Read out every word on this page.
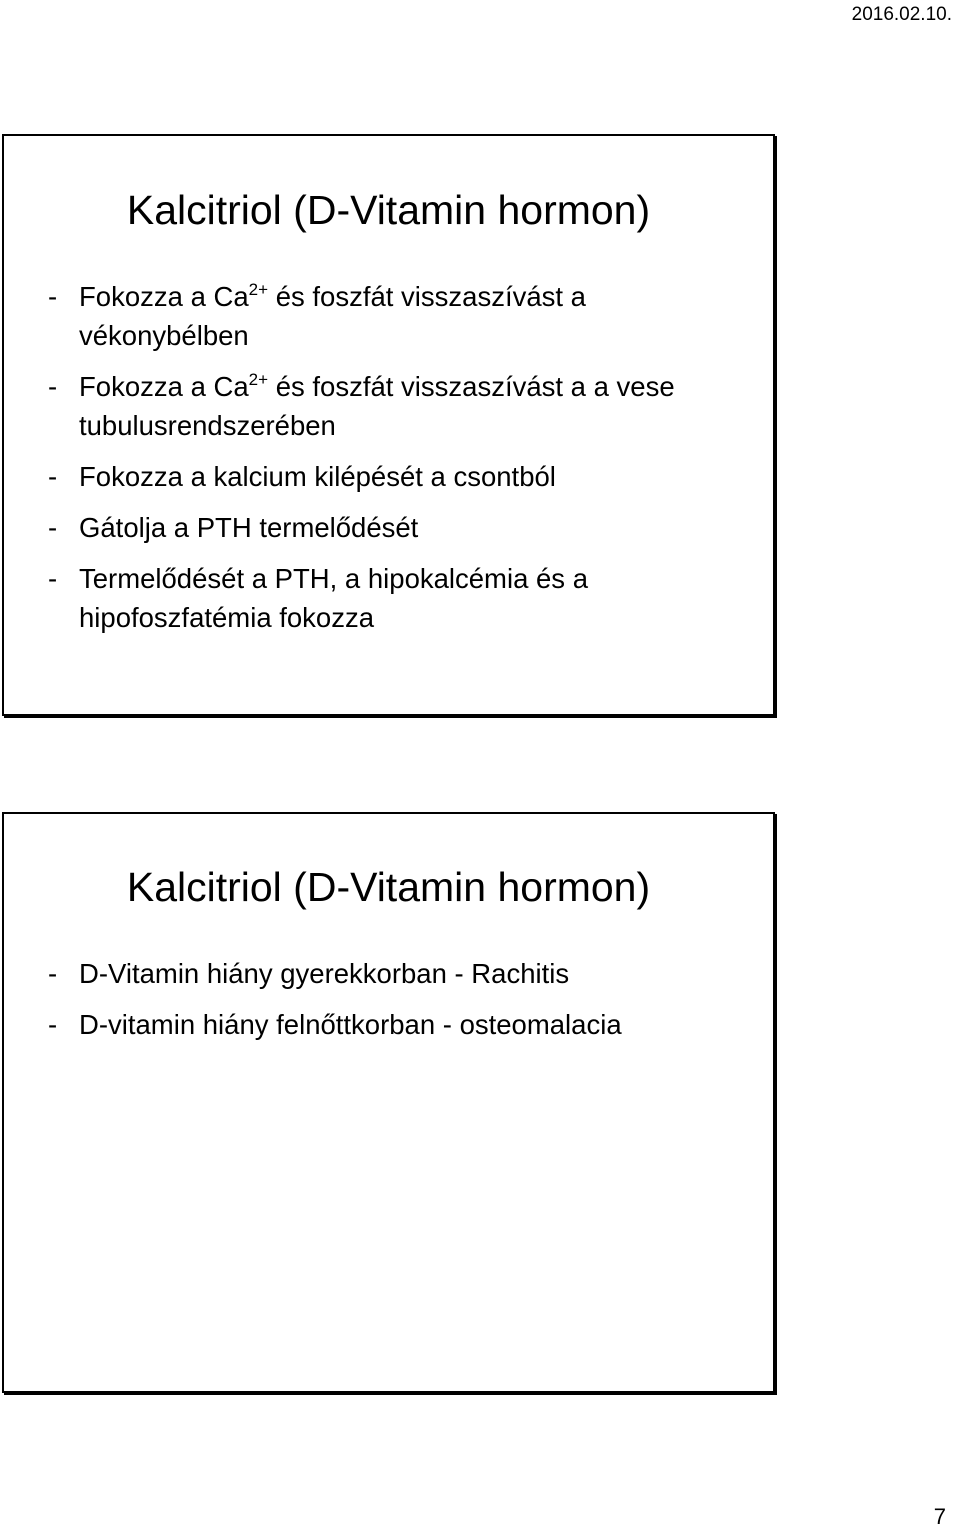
2016.02.10.
Kalcitriol (D-Vitamin hormon)
- Fokozza a $Ca^{2+}$ és foszfát visszaszívást a vékonybélben
- Fokozza a $Ca^{2+}$ és foszfát visszaszívást a a vese tubulusrendszerében
- Fokozza a kalcium kilépését a csontból
- Gátolja a PTH termelődését
- Termelődését a PTH, a hipokalcémia és a hipofoszfatémia fokozza
Kalcitriol (D-Vitamin hormon)
- D-Vitamin hiány gyerekkorban - Rachitis
- D-vitamin hiány felnőttkorban - osteomalacia
7
